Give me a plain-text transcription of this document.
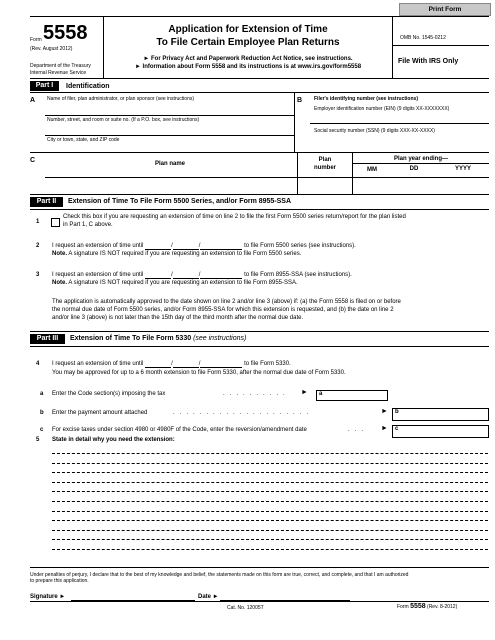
Print Form
Form 5558
(Rev. August 2012)
Department of the Treasury
Internal Revenue Service
Application for Extension of Time
To File Certain Employee Plan Returns
► For Privacy Act and Paperwork Reduction Act Notice, see instructions.
► Information about Form 5558 and its instructions is at www.irs.gov/form5558
OMB No. 1545-0212
File With IRS Only
Part I	Identification
A Name of filer, plan administrator, or plan sponsor (see instructions)
Number, street, and room or suite no. (If a P.O. box, see instructions)
City or town, state, and ZIP code
B Filer's identifying number (see instructions)
Employer identification number (EIN) (9 digits XX-XXXXXXX)
Social security number (SSN) (9 digits XXX-XX-XXXX)
C	Plan name
Plan
number
Plan year ending—
MM	DD	YYYY
Part II	Extension of Time To File Form 5500 Series, and/or Form 8955-SSA
1
Check this box if you are requesting an extension of time on line 2 to file the first Form 5500 series return/report for the plan listed
in Part 1, C above.
2 I request an extension of time until	/	/	to file Form 5500 series (see instructions).
Note. A signature IS NOT required if you are requesting an extension to file Form 5500 series.
3 I request an extension of time until	/	/	to file Form 8955-SSA (see instructions).
Note. A signature IS NOT required if you are requesting an extension to file Form 8955-SSA.
The application is automatically approved to the date shown on line 2 and/or line 3 (above) if: (a) the Form 5558 is filed on or before
the normal due date of Form 5500 series, and/or Form 8955-SSA for which this extension is requested, and (b) the date on line 2
and/or line 3 (above) is not later than the 15th day of the third month after the normal due date.
Part III	Extension of Time To File Form 5330 (see instructions)
4 I request an extension of time until	/	/	to file Form 5330.
You may be approved for up to a 6 month extension to file Form 5330, after the normal due date of Form 5330.
a Enter the Code section(s) imposing the tax	.......... ►	a
b Enter the payment amount attached	.....................	►	b
c For excise taxes under section 4980 or 4980F of the Code, enter the reversion/amendment date	... ►	c
5 State in detail why you need the extension:
Under penalties of perjury, I declare that to the best of my knowledge and belief, the statements made on this form are true, correct, and complete, and that I am authorized
to prepare this application.
Signature ►	Date ►
Cat. No. 12005T	Form 5558 (Rev. 8-2012)
